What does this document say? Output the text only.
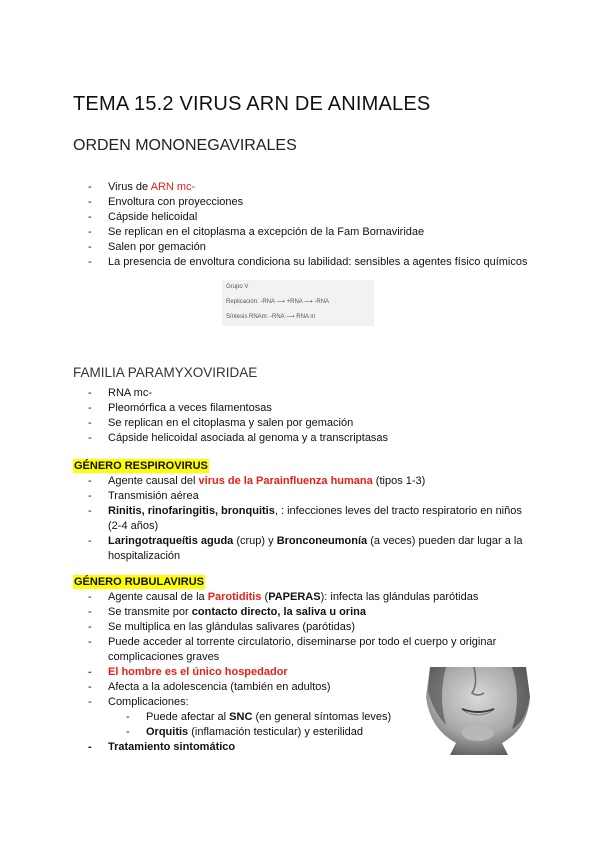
TEMA 15.2 VIRUS ARN DE ANIMALES
ORDEN MONONEGAVIRALES
- Virus de ARN mc-
- Envoltura con proyecciones
- Cápside helicoidal
- Se replican en el citoplasma a excepción de la Fam Bornaviridae
- Salen por gemación
- La presencia de envoltura condiciona su labilidad: sensibles a agentes físico químicos
Grupo V
Replicación: -RNA ⟶ +RNA ⟶ -RNA
Síntesis RNAm: -RNA ⟶ RNA m
FAMILIA PARAMYXOVIRIDAE
- RNA mc-
- Pleomórfica a veces filamentosas
- Se replican en el citoplasma y salen por gemación
- Cápside helicoidal asociada al genoma y a transcriptasas
GÉNERO RESPIROVIRUS
- Agente causal del virus de la Parainfluenza humana (tipos 1-3)
- Transmisión aérea
- Rinitis, rinofaringitis, bronquitis, : infecciones leves del tracto respiratorio en niños (2-4 años)
- Laringotraqueítis aguda (crup) y Bronconeumonía (a veces) pueden dar lugar a la hospitalización
GÉNERO RUBULAVIRUS
- Agente causal de la Parotiditis (PAPERAS): infecta las glándulas parótidas
- Se transmite por contacto directo, la saliva u orina
- Se multiplica en las glándulas salivares (parótidas)
- Puede acceder al torrente circulatorio, diseminarse por todo el cuerpo y originar complicaciones graves
- El hombre es el único hospedador
- Afecta a la adolescencia (también en adultos)
- Complicaciones:
- Puede afectar al SNC (en general síntomas leves)
- Orquitis (inflamación testicular) y esterilidad
- Tratamiento sintomático
